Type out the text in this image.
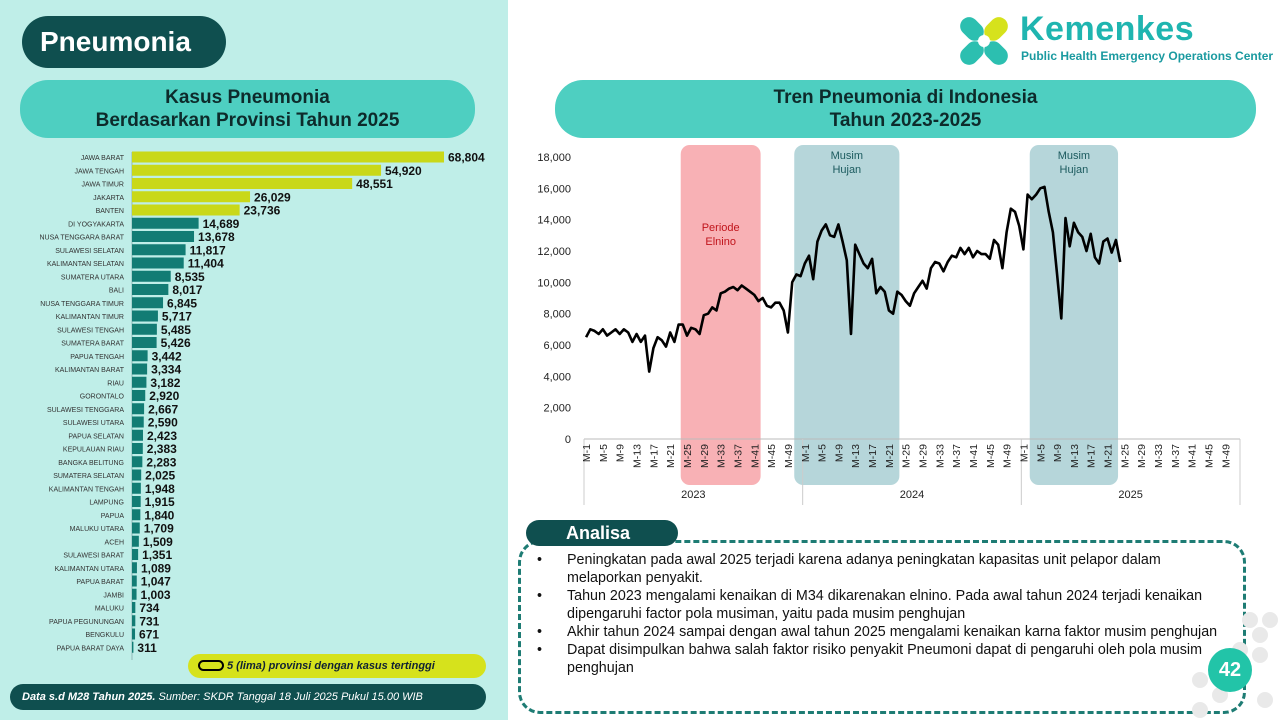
Pneumonia
Kasus Pneumonia
Berdasarkan Provinsi Tahun 2025
JAWA BARAT	68,804
JAWA TENGAH	54,920
JAWA TIMUR	48,551
JAKARTA	26,029
BANTEN	23,736
DI YOGYAKARTA	14,689
NUSA TENGGARA BARAT	13,678
SULAWESI SELATAN	11,817
KALIMANTAN SELATAN	11,404
SUMATERA UTARA	8,535
BALI	8,017
NUSA TENGGARA TIMUR	6,845
KALIMANTAN TIMUR	5,717
SULAWESI TENGAH	5,485
SUMATERA BARAT	5,426
PAPUA TENGAH 3,442
KALIMANTAN BARAT 3,334
RIAU 3,182
GORONTALO 2,920
SULAWESI TENGGARA 2,667
SULAWESI UTARA 2,590
PAPUA SELATAN 2,423
KEPULAUAN RIAU 2,383
BANGKA BELITUNG 2,283
SUMATERA SELATAN 2,025
KALIMANTAN TENGAH 1,948
LAMPUNG 1,915
PAPUA 1,840
MALUKU UTARA 1,709
ACEH 1,509
SULAWESI BARAT 1,351
KALIMANTAN UTARA 1,089
PAPUA BARAT 1,047
JAMBI 1,003
MALUKU 734
PAPUA PEGUNUNGAN 731
BENGKULU 671
PAPUA BARAT DAYA 311
5 (lima) provinsi dengan kasus tertinggi
Data s.d M28 Tahun 2025. Sumber: SKDR Tanggal 18 Juli 2025 Pukul 15.00 WIB
Kemenkes
Public Health Emergency Operations Center
Tren Pneumonia di Indonesia
Tahun 2023-2025
Periode
Elnino
Musim
Hujan
Musim
Hujan
18,000
16,000
14,000
12,000
10,000
8,000
6,000
4,000
2,000
0
M-1 M-5 M-9 M-13 M-17 M-21 M-25 M-29 M-33 M-37 M-41 M-45 M-49 M-1 M-5 M-9 M-13 M-17 M-21 M-25 M-29 M-33 M-37 M-41 M-45 M-49 M-1 M-5 M-9 M-13 M-17 M-21 M-25 M-29 M-33 M-37 M-41 M-45 M-49
2023	2024	2025
Analisa
• Peningkatan pada awal 2025 terjadi karena adanya peningkatan kapasitas unit pelapor dalam melaporkan penyakit.
• Tahun 2023 mengalami kenaikan di M34 dikarenakan elnino. Pada awal tahun 2024 terjadi kenaikan dipengaruhi factor pola musiman, yaitu pada musim penghujan
• Akhir tahun 2024 sampai dengan awal tahun 2025 mengalami kenaikan karna faktor musim penghujan
• Dapat disimpulkan bahwa salah faktor risiko penyakit Pneumoni dapat di pengaruhi oleh pola musim penghujan	42
